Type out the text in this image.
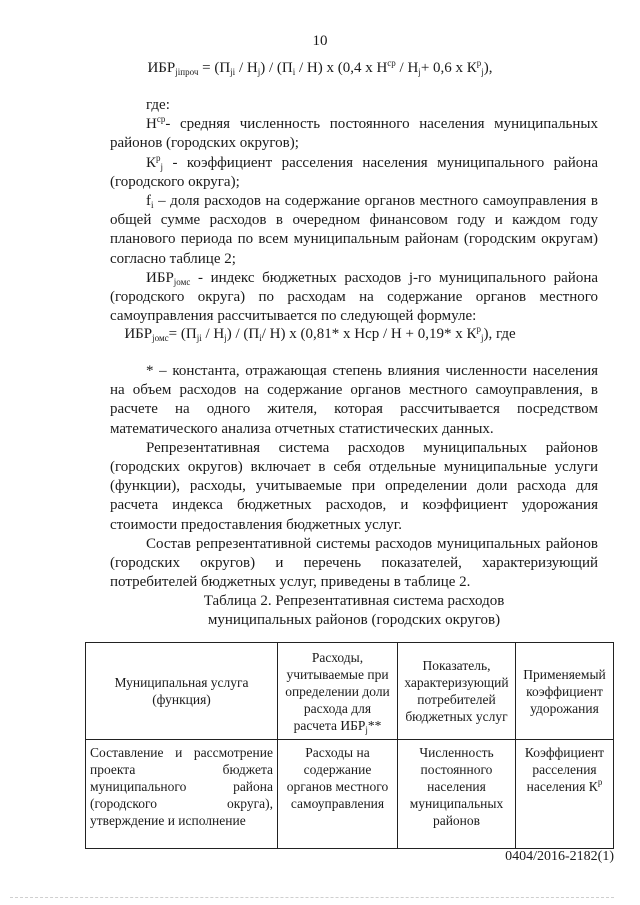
10
$ИБР_{jiпроч} = (П_{ji} / Н_j) / (П_i / Н)$ х (0,4 х $Н^{ср} / Н_j+ 0,6$ х $К^р_j$),

где:

$Н^{ср}-$ средняя численность постоянного населения муниципальных районов (городских округов);

$К^р_j$ - коэффициент расселения населения муниципального района (городского округа);

$f_i$ – доля расходов на содержание органов местного самоуправления в общей сумме расходов в очередном финансовом году и каждом году планового периода по всем муниципальным районам (городским округам) согласно таблице 2;

$ИБР_{jомс}$ - индекс бюджетных расходов j-го муниципального района (городского округа) по расходам на содержание органов местного самоуправления рассчитывается по следующей формуле:

$ИБР_{jомс}= (П_{ji} / Н_j) / (П_i/$ Н) х (0,81* х Нср / Н + 0,19* х $К^р_j$), где

* – константа, отражающая степень влияния численности населения на объем расходов на содержание органов местного самоуправления, в расчете на одного жителя, которая рассчитывается посредством математического анализа отчетных статистических данных.

Репрезентативная система расходов муниципальных районов (городских округов) включает в себя отдельные муниципальные услуги (функции), расходы, учитываемые при определении доли расхода для расчета индекса бюджетных расходов, и коэффициент удорожания стоимости предоставления бюджетных услуг.

Состав репрезентативной системы расходов муниципальных районов (городских округов) и перечень показателей, характеризующий потребителей бюджетных услуг, приведены в таблице 2.

Таблица 2. Репрезентативная система расходов
муниципальных районов (городских округов)
Муниципальная услуга (функция)	Расходы, учитываемые при определении доли расхода для расчета $ИБР_j**$	Показатель, характеризующий потребителей бюджетных услуг	Применяемый коэффициент удорожания
Составление и рассмотрение проекта бюджета муниципального района (городского округа), утверждение и исполнение	Расходы на содержание органов местного самоуправления	Численность постоянного населения муниципальных районов	Коэффициент расселения населения $К^р$
0404/2016-2182(1)
